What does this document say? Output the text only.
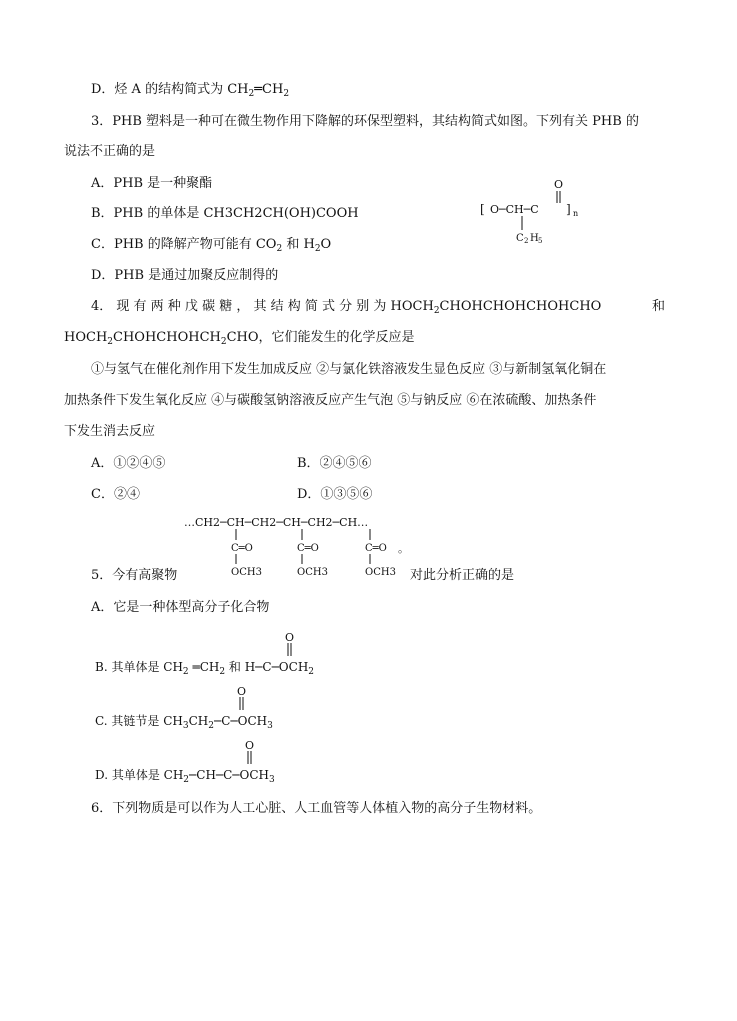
D．烃 A 的结构简式为 $CH_2═CH_2$
3．PHB 塑料是一种可在微生物作用下降解的环保型塑料，其结构简式如图。下列有关 PHB 的
说法不正确的是
A．PHB 是一种聚酯
B．PHB 的单体是 CH3CH2CH(OH)COOH
C．PHB 的降解产物可能有 $CO_2$ 和 $H_2O$
D．PHB 是通过加聚反应制得的
O
[ O─CH─C ] n
C 2 H 5
4． 现 有 两 种 戊 碳 糖 ， 其 结 构 简 式 分 别 为 $HOCH_2CHOHCHOHCHOHCHO$	和
$HOCH_2CHOHCHOHCH_2CHO$，它们能发生的化学反应是
①与氢气在催化剂作用下发生加成反应 ②与氯化铁溶液发生显色反应 ③与新制氢氧化铜在
加热条件下发生氧化反应 ④与碳酸氢钠溶液反应产生气泡 ⑤与钠反应 ⑥在浓硫酸、加热条件
下发生消去反应
A．①②④⑤	B．②④⑤⑥
C．②④	D．①③⑤⑥
…CH2─CH─CH2─CH─CH2─CH…
C═O
OCH3
C═O
OCH3
C═O
OCH3
。
5．今有高聚物	对此分析正确的是
A．它是一种体型高分子化合物
O
B. 其单体是 $CH_2$ $═CH_2$ 和 $H─C─OCH_2$
O
C. 其链节是 $CH_3CH_2─C─OCH_3$
O
D. 其单体是 $CH_2─CH─C─OCH_3$
6．下列物质是可以作为人工心脏、人工血管等人体植入物的高分子生物材料。
